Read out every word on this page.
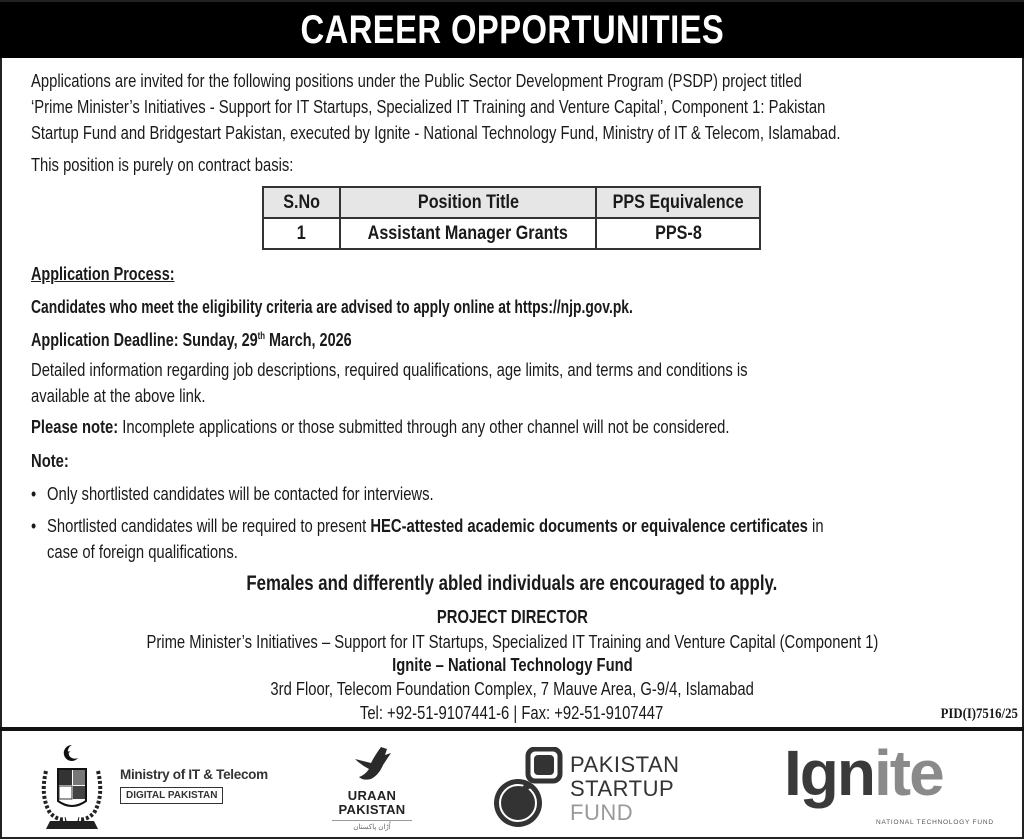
CAREER OPPORTUNITIES
Applications are invited for the following positions under the Public Sector Development Program (PSDP) project titled
‘Prime Minister’s Initiatives - Support for IT Startups, Specialized IT Training and Venture Capital’, Component 1: Pakistan
Startup Fund and Bridgestart Pakistan, executed by Ignite - National Technology Fund, Ministry of IT & Telecom, Islamabad.
This position is purely on contract basis:
S.No	Position Title	PPS Equivalence
1	Assistant Manager Grants	PPS-8
Application Process:
Candidates who meet the eligibility criteria are advised to apply online at https://njp.gov.pk.
Application Deadline: Sunday, 29th March, 2026
Detailed information regarding job descriptions, required qualifications, age limits, and terms and conditions is
available at the above link.
Please note: Incomplete applications or those submitted through any other channel will not be considered.
Note:
• Only shortlisted candidates will be contacted for interviews.
• Shortlisted candidates will be required to present HEC-attested academic documents or equivalence certificates in
case of foreign qualifications.
Females and differently abled individuals are encouraged to apply.
PROJECT DIRECTOR
Prime Minister’s Initiatives – Support for IT Startups, Specialized IT Training and Venture Capital (Component 1)
Ignite – National Technology Fund
3rd Floor, Telecom Foundation Complex, 7 Mauve Area, G-9/4, Islamabad
Tel: +92-51-9107441-6 | Fax: +92-51-9107447	PID(I)7516/25
Ministry of IT & Telecom
DIGITAL PAKISTAN	URAAN
PAKISTAN
اُڑان پاکستان
PAKISTAN
STARTUP
FUND
Ignite
NATIONAL TECHNOLOGY FUND
